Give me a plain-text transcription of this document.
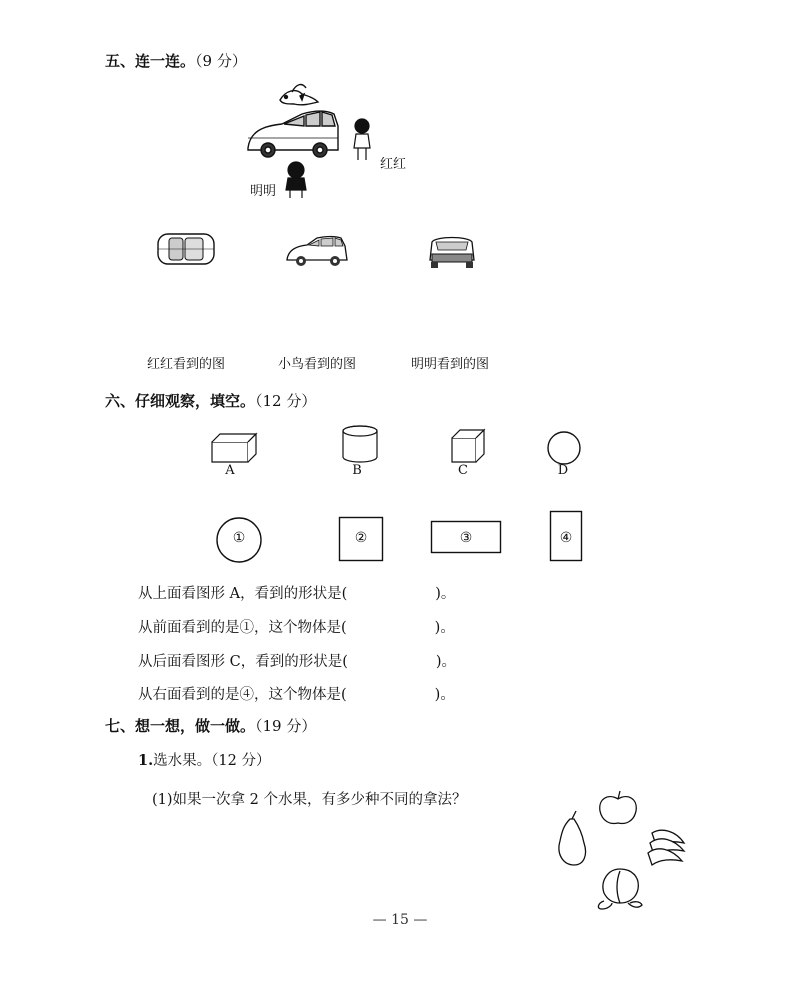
五、连一连。（9 分）
红红
明明
红红看到的图	小鸟看到的图	明明看到的图
六、仔细观察，填空。（12 分）
A	B	C	D
①	②	③	④
从上面看图形 A，看到的形状是(	)。
从前面看到的是①，这个物体是(	)。
从后面看图形 C，看到的形状是(	)。
从右面看到的是④，这个物体是(	)。
七、想一想，做一做。（19 分）
1.选水果。（12 分）
(1)如果一次拿 2 个水果，有多少种不同的拿法？
— 15 —
